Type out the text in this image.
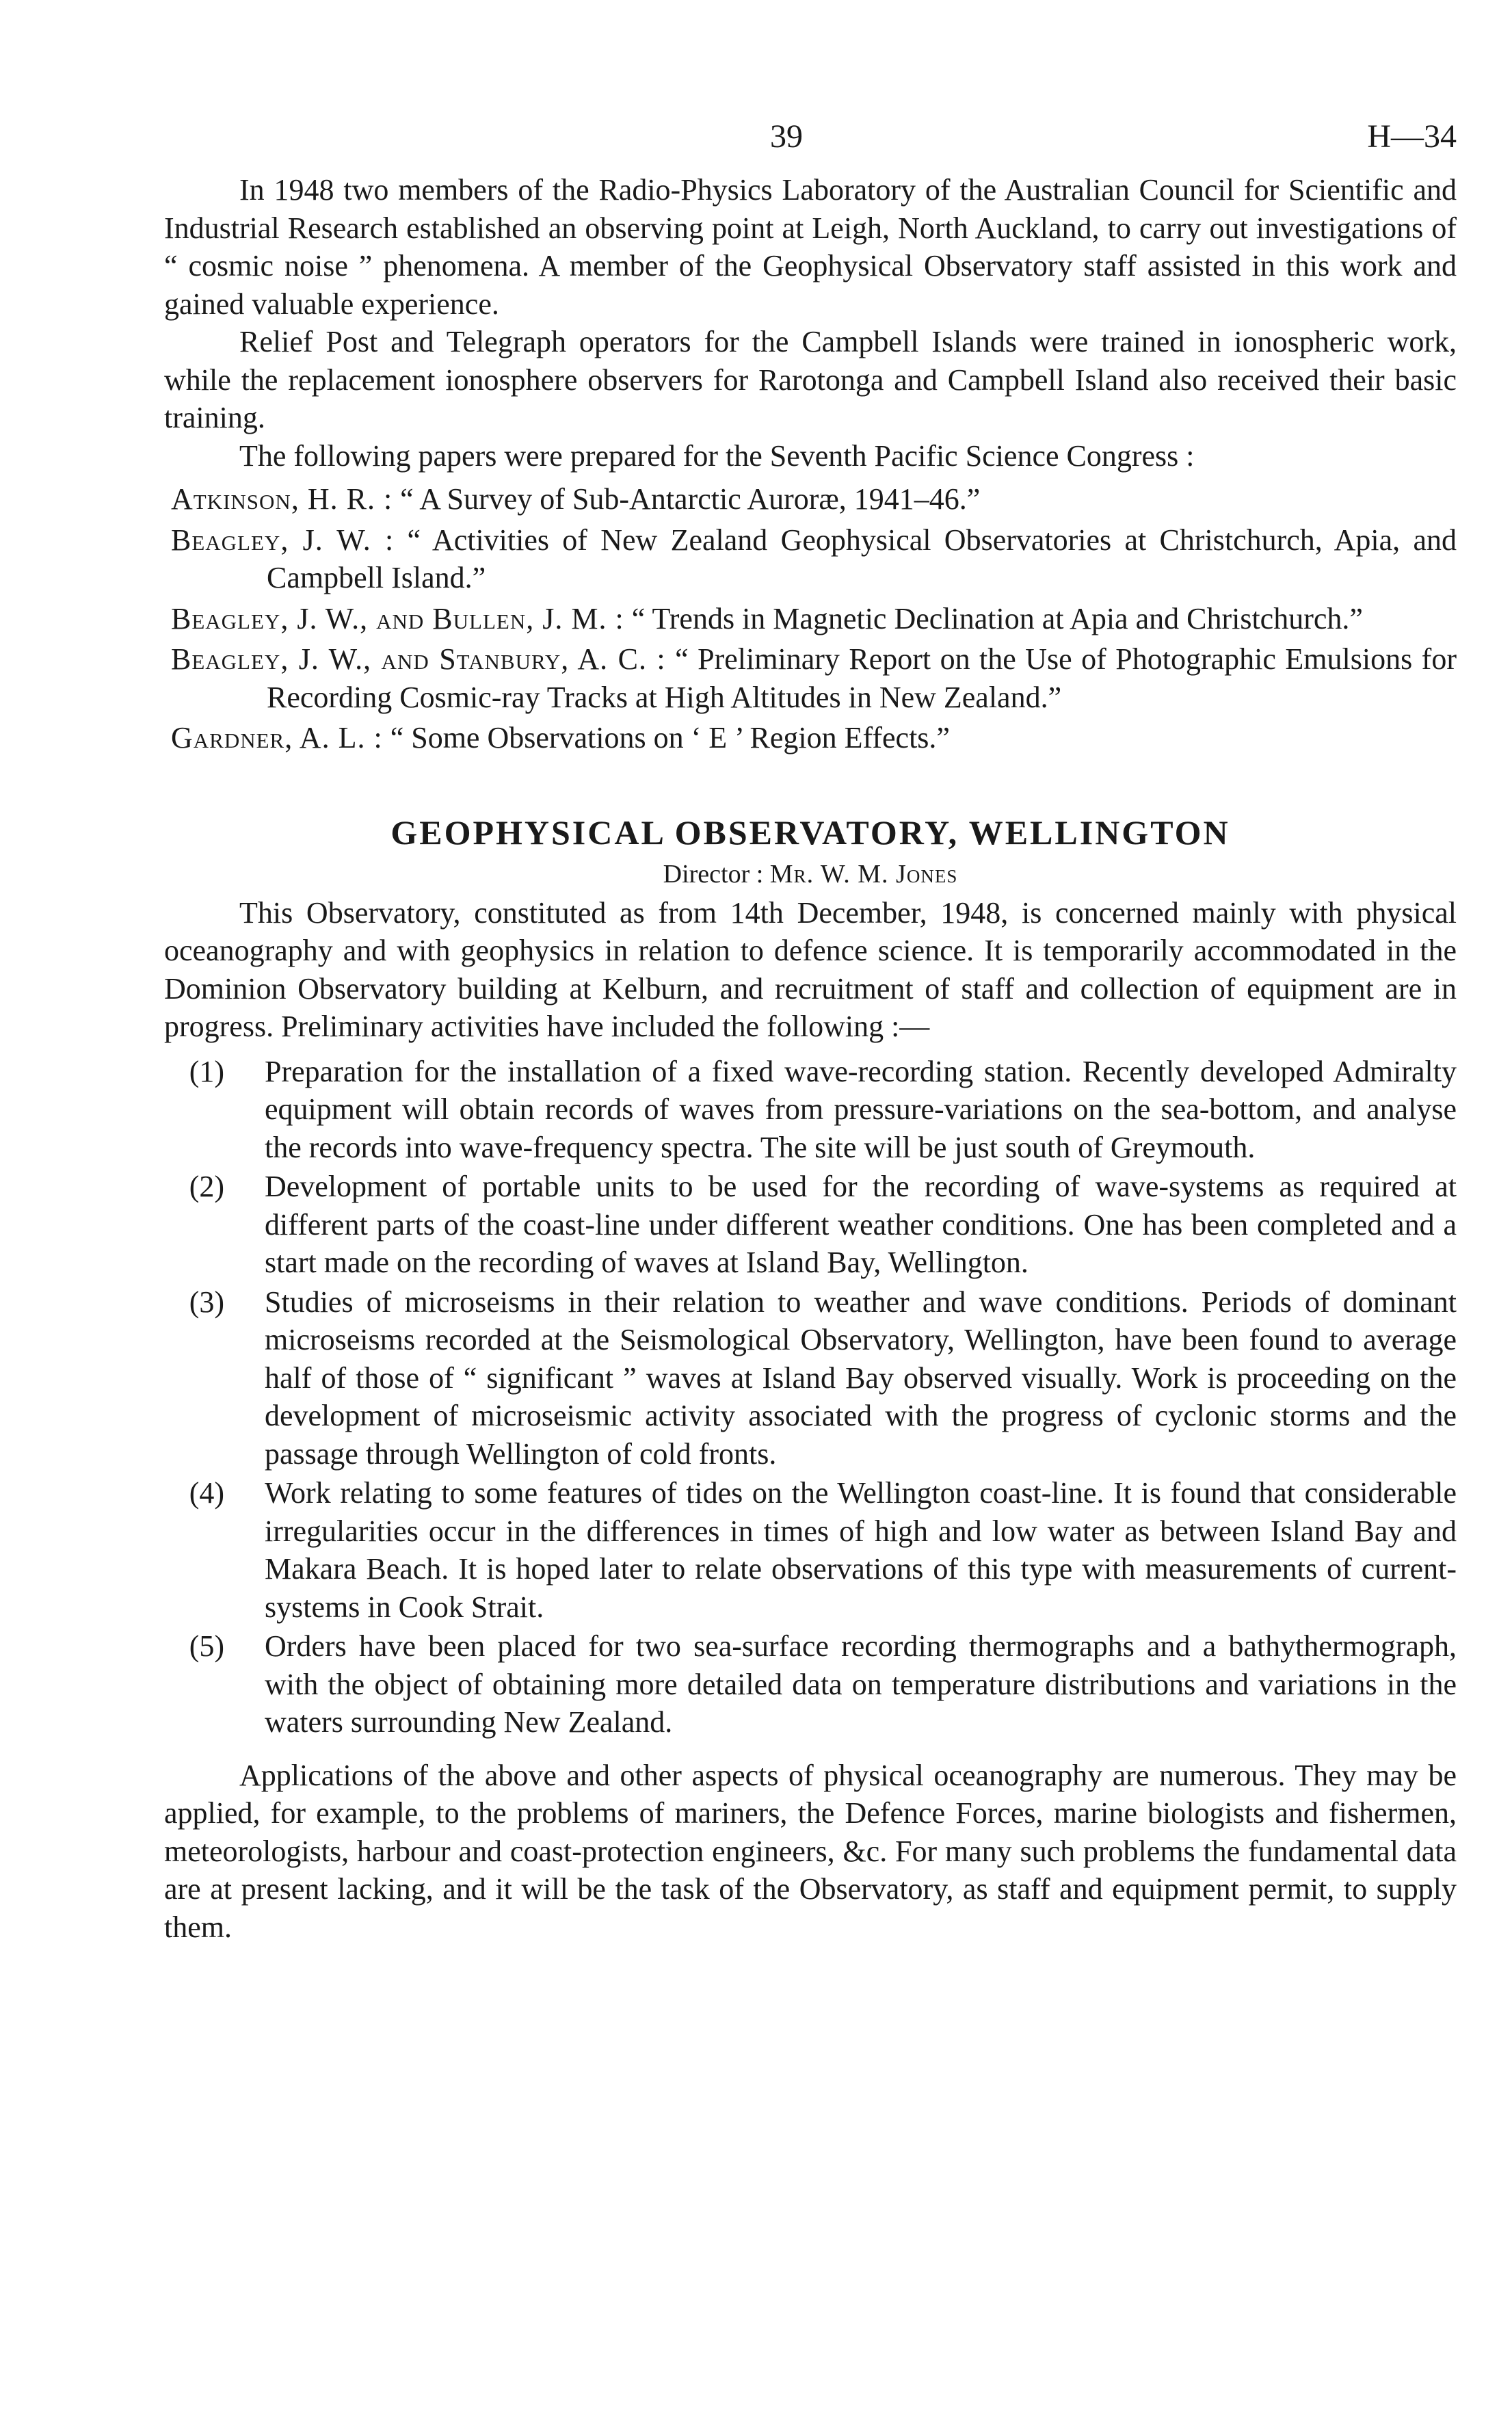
39	H—34

In 1948 two members of the Radio-Physics Laboratory of the Australian Council for Scientific and Industrial Research established an observing point at Leigh, North Auckland, to carry out investigations of “ cosmic noise ” phenomena. A member of the Geophysical Observatory staff assisted in this work and gained valuable experience.

Relief Post and Telegraph operators for the Campbell Islands were trained in ionospheric work, while the replacement ionosphere observers for Rarotonga and Campbell Island also received their basic training.

The following papers were prepared for the Seventh Pacific Science Congress :

Atkinson, H. R. : “ A Survey of Sub-Antarctic Auroræ, 1941–46.”
Beagley, J. W. : “ Activities of New Zealand Geophysical Observatories at Christchurch, Apia, and Campbell Island.”
Beagley, J. W., and Bullen, J. M. : “ Trends in Magnetic Declination at Apia and Christchurch.”
Beagley, J. W., and Stanbury, A. C. : “ Preliminary Report on the Use of Photographic Emulsions for Recording Cosmic-ray Tracks at High Altitudes in New Zealand.”
Gardner, A. L. : “ Some Observations on ‘ E ’ Region Effects.”
GEOPHYSICAL OBSERVATORY, WELLINGTON
Director : Mr. W. M. Jones

This Observatory, constituted as from 14th December, 1948, is concerned mainly with physical oceanography and with geophysics in relation to defence science. It is temporarily accommodated in the Dominion Observatory building at Kelburn, and recruitment of staff and collection of equipment are in progress. Preliminary activities have included the following :—

(1) Preparation for the installation of a fixed wave-recording station. Recently developed Admiralty equipment will obtain records of waves from pressure-variations on the sea-bottom, and analyse the records into wave-frequency spectra. The site will be just south of Greymouth.
(2) Development of portable units to be used for the recording of wave-systems as required at different parts of the coast-line under different weather conditions. One has been completed and a start made on the recording of waves at Island Bay, Wellington.
(3) Studies of microseisms in their relation to weather and wave conditions. Periods of dominant microseisms recorded at the Seismological Observatory, Wellington, have been found to average half of those of “ significant ” waves at Island Bay observed visually. Work is proceeding on the development of microseismic activity associated with the progress of cyclonic storms and the passage through Wellington of cold fronts.
(4) Work relating to some features of tides on the Wellington coast-line. It is found that considerable irregularities occur in the differences in times of high and low water as between Island Bay and Makara Beach. It is hoped later to relate observations of this type with measurements of current-systems in Cook Strait.
(5) Orders have been placed for two sea-surface recording thermographs and a bathythermograph, with the object of obtaining more detailed data on temperature distributions and variations in the waters surrounding New Zealand.

Applications of the above and other aspects of physical oceanography are numerous. They may be applied, for example, to the problems of mariners, the Defence Forces, marine biologists and fishermen, meteorologists, harbour and coast-protection engineers, &c. For many such problems the fundamental data are at present lacking, and it will be the task of the Observatory, as staff and equipment permit, to supply them.
